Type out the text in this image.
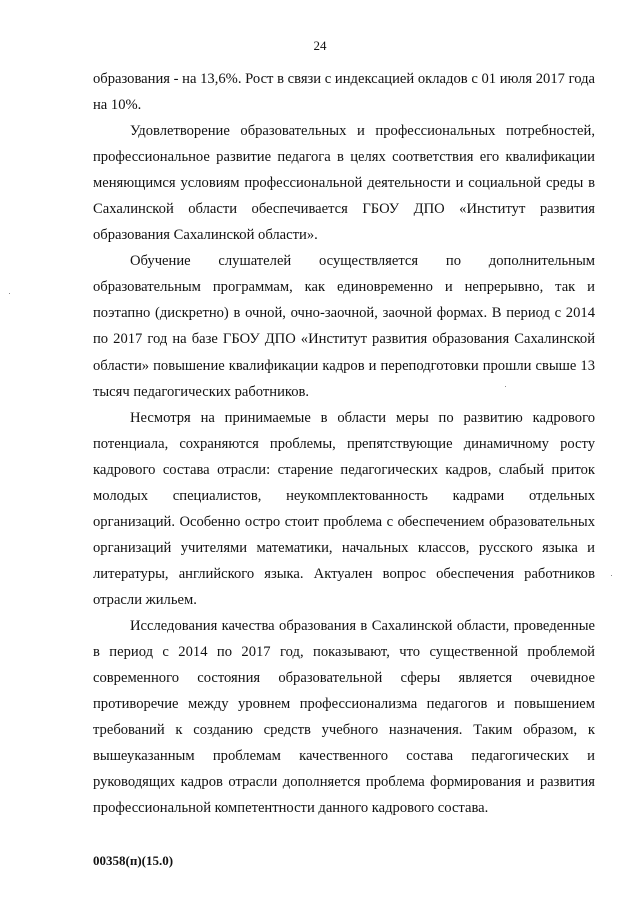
24

образования - на 13,6%. Рост в связи с индексацией окладов с 01 июля 2017 года на 10%.

Удовлетворение образовательных и профессиональных потребностей, профессиональное развитие педагога в целях соответствия его квалификации меняющимся условиям профессиональной деятельности и социальной среды в Сахалинской области обеспечивается ГБОУ ДПО «Институт развития образования Сахалинской области».

Обучение слушателей осуществляется по дополнительным образовательным программам, как единовременно и непрерывно, так и поэтапно (дискретно) в очной, очно-заочной, заочной формах. В период с 2014 по 2017 год на базе ГБОУ ДПО «Институт развития образования Сахалинской области» повышение квалификации кадров и переподготовки прошли свыше 13 тысяч педагогических работников.

Несмотря на принимаемые в области меры по развитию кадрового потенциала, сохраняются проблемы, препятствующие динамичному росту кадрового состава отрасли: старение педагогических кадров, слабый приток молодых специалистов, неукомплектованность кадрами отдельных организаций. Особенно остро стоит проблема с обеспечением образовательных организаций учителями математики, начальных классов, русского языка и литературы, английского языка. Актуален вопрос обеспечения работников отрасли жильем.

Исследования качества образования в Сахалинской области, проведенные в период с 2014 по 2017 год, показывают, что существенной проблемой современного состояния образовательной сферы является очевидное противоречие между уровнем профессионализма педагогов и повышением требований к созданию средств учебного назначения. Таким образом, к вышеуказанным проблемам качественного состава педагогических и руководящих кадров отрасли дополняется проблема формирования и развития профессиональной компетентности данного кадрового состава.

00358(п)(15.0)
